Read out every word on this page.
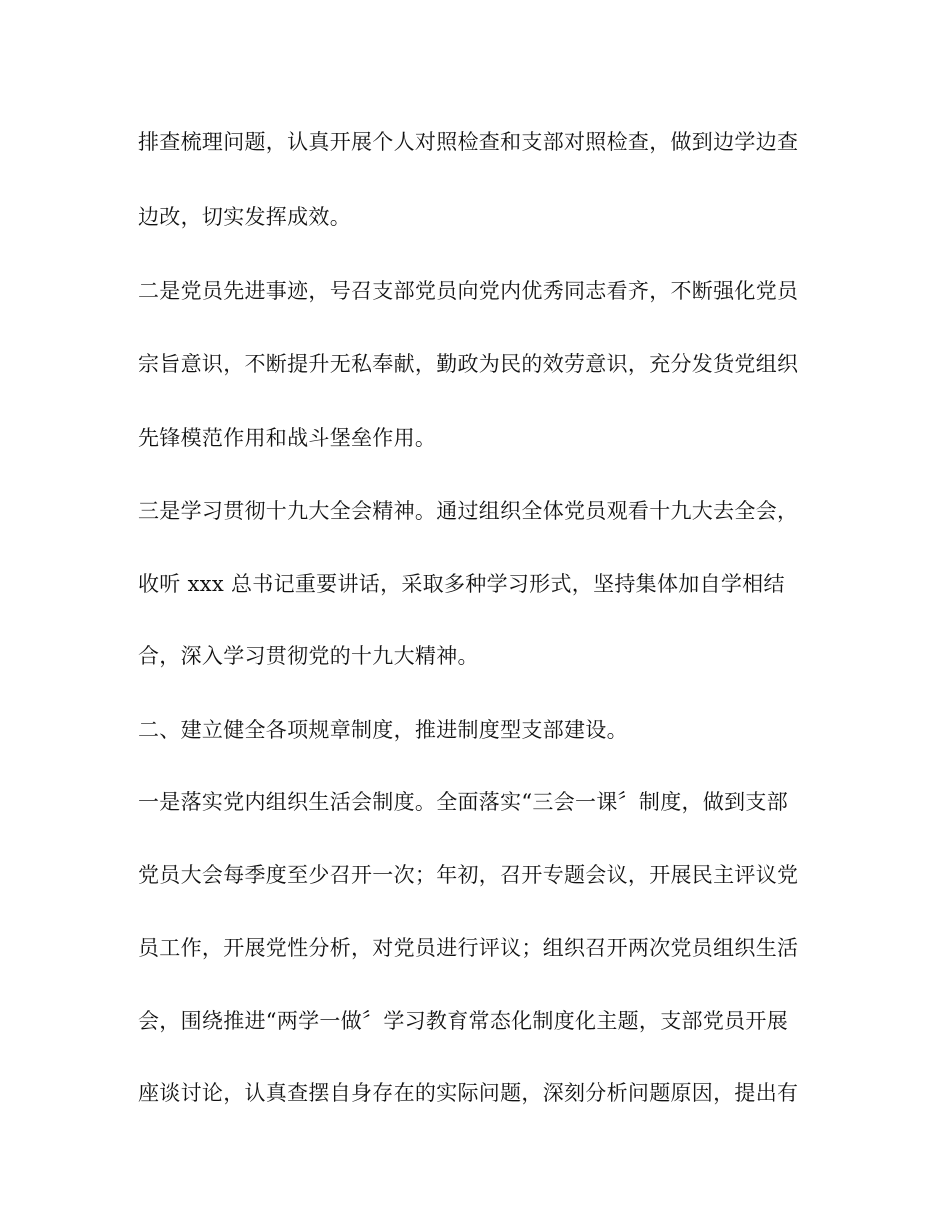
排查梳理问题，认真开展个人对照检查和支部对照检查，做到边学边查
边改，切实发挥成效。
二是党员先进事迹，号召支部党员向党内优秀同志看齐，不断强化党员
宗旨意识，不断提升无私奉献，勤政为民的效劳意识，充分发货党组织
先锋模范作用和战斗堡垒作用。
三是学习贯彻十九大全会精神。通过组织全体党员观看十九大去全会，
收听 xxx 总书记重要讲话，采取多种学习形式，坚持集体加自学相结
合，深入学习贯彻党的十九大精神。
二、建立健全各项规章制度，推进制度型支部建设。
一是落实党内组织生活会制度。全面落实“三会一课〞制度，做到支部
党员大会每季度至少召开一次；年初，召开专题会议，开展民主评议党
员工作，开展党性分析，对党员进行评议；组织召开两次党员组织生活
会，围绕推进“两学一做〞学习教育常态化制度化主题，支部党员开展
座谈讨论，认真查摆自身存在的实际问题，深刻分析问题原因，提出有
